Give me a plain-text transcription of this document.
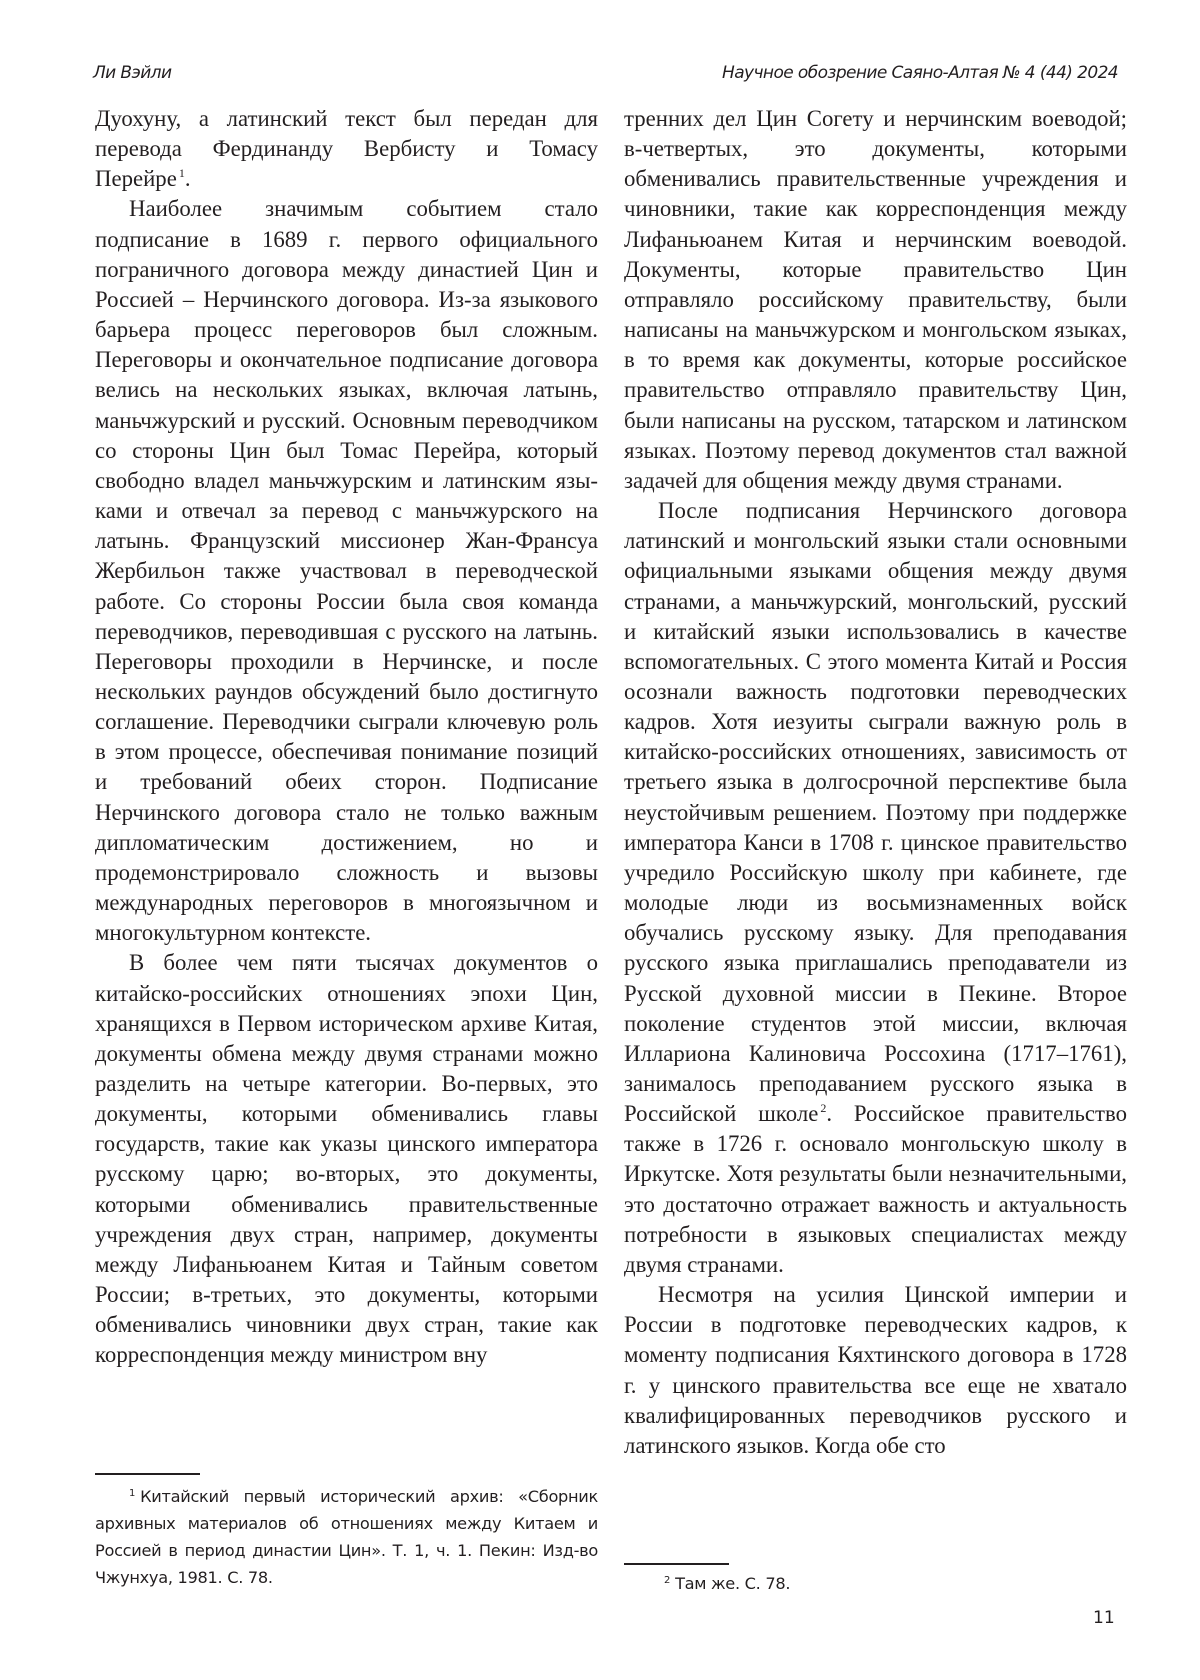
Ли Вэйли	Научное обозрение Саяно-Алтая № 4 (44) 2024

Дуохуну, а латинский текст был передан для перевода Фердинанду Вербисту и Томасу Перейре $^1$.

Наиболее значимым событием стало подписание в 1689 г. первого официального пограничного договора между династией Цин и Россией – Нерчинского договора. Из-за языкового барьера процесс переговоров был сложным. Переговоры и окончательное подписание договора велись на нескольких языках, включая латынь, маньчжурский и русский. Основным переводчиком со стороны Цин был Томас Перейра, который свободно владел маньчжурским и латинским языками и отвечал за перевод с маньчжурского на латынь. Французский миссионер Жан-Франсуа Жербильон также участвовал в переводческой работе. Со стороны России была своя команда переводчиков, переводившая с русского на латынь. Переговоры проходили в Нерчинске, и после нескольких раундов обсуждений было достигнуто соглашение. Переводчики сыграли ключевую роль в этом процессе, обеспечивая понимание позиций и требований обеих сторон. Подписание Нерчинского договора стало не только важным дипломатическим достижением, но и продемонстрировало сложность и вызовы международных переговоров в многоязычном и многокультурном контексте.

В более чем пяти тысячах документов о китайско-российских отношениях эпохи Цин, хранящихся в Первом историческом архиве Китая, документы обмена между двумя странами можно разделить на четыре категории. Во-первых, это документы, которыми обменивались главы государств, такие как указы цинского императора русскому царю; во-вторых, это документы, которыми обменивались правительственные учреждения двух стран, например, документы между Лифаньюанем Китая и Тайным советом России; в-третьих, это документы, которыми обменивались чиновники двух стран, такие как корреспонденция между министром вну

тренних дел Цин Согету и нерчинским воеводой; в-четвертых, это документы, которыми обменивались правительственные учреждения и чиновники, такие как корреспонденция между Лифаньюанем Китая и нерчинским воеводой. Документы, которые правительство Цин отправляло российскому правительству, были написаны на маньчжурском и монгольском языках, в то время как документы, которые российское правительство отправляло правительству Цин, были написаны на русском, татарском и латинском языках. Поэтому перевод документов стал важной задачей для общения между двумя странами.

После подписания Нерчинского договора латинский и монгольский языки стали основными официальными языками общения между двумя странами, а маньчжурский, монгольский, русский и китайский языки использовались в качестве вспомогательных. С этого момента Китай и Россия осознали важность подготовки переводческих кадров. Хотя иезуиты сыграли важную роль в китайско-российских отношениях, зависимость от третьего языка в долгосрочной перспективе была неустойчивым решением. Поэтому при поддержке императора Канси в 1708 г. цинское правительство учредило Российскую школу при кабинете, где молодые люди из восьмизнаменных войск обучались русскому языку. Для преподавания русского языка приглашались преподаватели из Русской духовной миссии в Пекине. Второе поколение студентов этой миссии, включая Иллариона Калиновича Россохина (1717–1761), занималось преподаванием русского языка в Российской школе $^2$. Российское правительство также в 1726 г. основало монгольскую школу в Иркутске. Хотя результаты были незначительными, это достаточно отражает важность и актуальность потребности в языковых специалистах между двумя странами.

Несмотря на усилия Цинской империи и России в подготовке переводческих кадров, к моменту подписания Кяхтинского договора в 1728 г. у цинского правительства все еще не хватало квалифицированных переводчиков русского и латинского языков. Когда обе сто

$^1$ Китайский первый исторический архив: «Сборник архивных материалов об отношениях между Китаем и Россией в период династии Цин». Т. 1, ч. 1. Пекин: Изд-во Чжунхуа, 1981. С. 78.	$^2$ Там же. С. 78.
11
